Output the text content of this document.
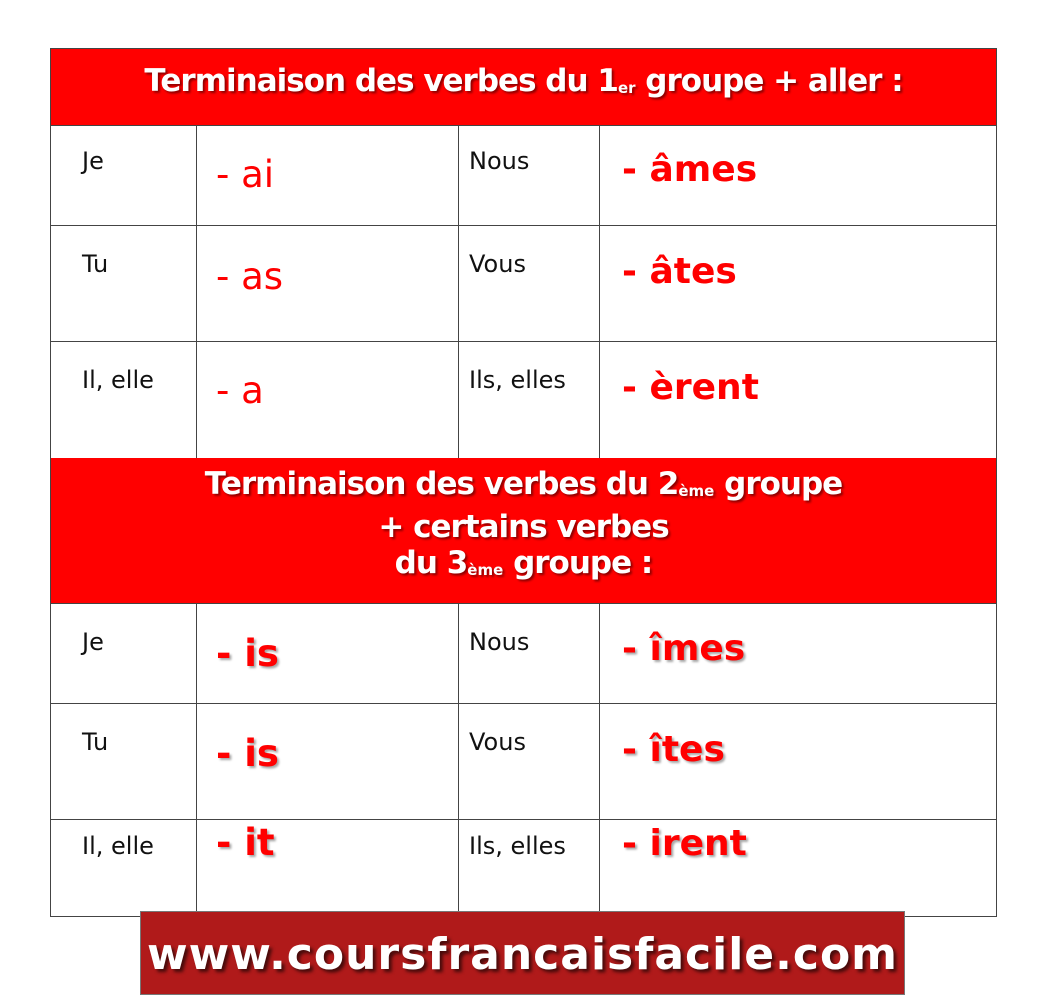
Terminaison des verbes du $1_{er}$ groupe + aller :
Je	- ai	Nous	- âmes
Tu	- as	Vous	- âtes
Il, elle - a	Ils, elles - èrent
Terminaison des verbes du $2_{ème}$ groupe
+ certains verbes
du $3_{ème}$ groupe :
Je	- is	Nous	- îmes
Tu	- is	Vous	- îtes
Il, elle - it	Ils, elles - irent
www.coursfrancaisfacile.com
